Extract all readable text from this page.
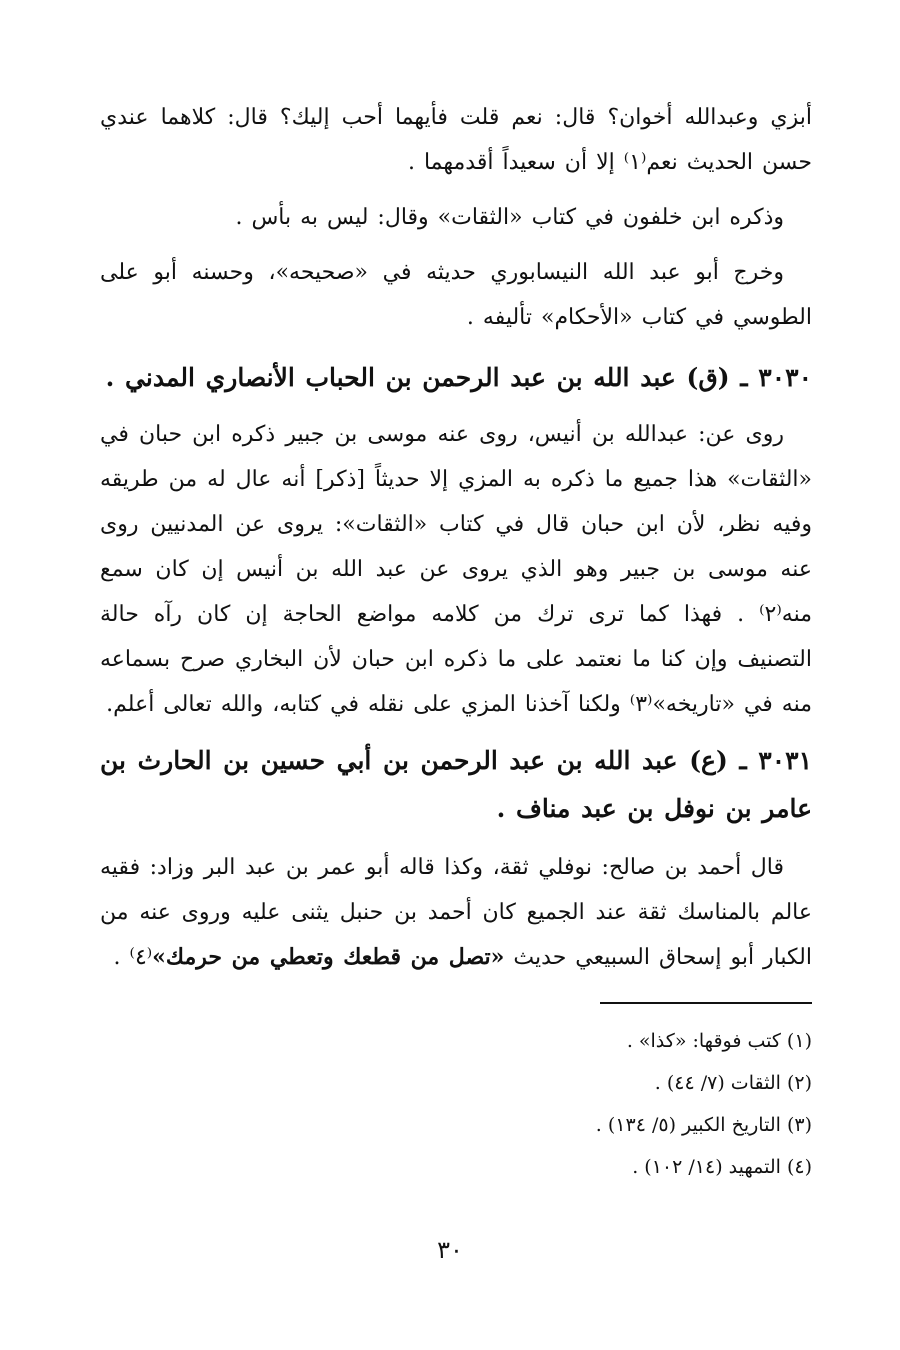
أبزي وعبدالله أخوان؟ قال: نعم قلت فأيهما أحب إليك؟ قال: كلاهما عندي حسن الحديث نعم⁽١⁾ إلا أن سعيداً أقدمهما .

وذكره ابن خلفون في كتاب «الثقات» وقال: ليس به بأس .

وخرج أبو عبد الله النيسابوري حديثه في «صحيحه»، وحسنه أبو على الطوسي في كتاب «الأحكام» تأليفه .

٣٠٣٠ ـ (ق) عبد الله بن عبد الرحمن بن الحباب الأنصاري المدني .

روى عن: عبدالله بن أنيس، روى عنه موسى بن جبير ذكره ابن حبان في «الثقات» هذا جميع ما ذكره به المزي إلا حديثاً [ذكر] أنه عال له من طريقه وفيه نظر، لأن ابن حبان قال في كتاب «الثقات»: يروى عن المدنيين روى عنه موسى بن جبير وهو الذي يروى عن عبد الله بن أنيس إن كان سمع منه⁽٢⁾ . فهذا كما ترى ترك من كلامه مواضع الحاجة إن كان رآه حالة التصنيف وإن كنا ما نعتمد على ما ذكره ابن حبان لأن البخاري صرح بسماعه منه في «تاريخه»⁽٣⁾ ولكنا آخذنا المزي على نقله في كتابه، والله تعالى أعلم.

٣٠٣١ ـ (ع) عبد الله بن عبد الرحمن بن أبي حسين بن الحارث بن عامر بن نوفل بن عبد مناف .

قال أحمد بن صالح: نوفلي ثقة، وكذا قاله أبو عمر بن عبد البر وزاد: فقيه عالم بالمناسك ثقة عند الجميع كان أحمد بن حنبل يثنى عليه وروى عنه من الكبار أبو إسحاق السبيعي حديث «تصل من قطعك وتعطي من حرمك»⁽٤⁾ .

(١) كتب فوقها: «كذا» .

(٢) الثقات (٧/ ٤٤) .

(٣) التاريخ الكبير (٥/ ١٣٤) .

(٤) التمهيد (١٤/ ١٠٢) .

٣٠
